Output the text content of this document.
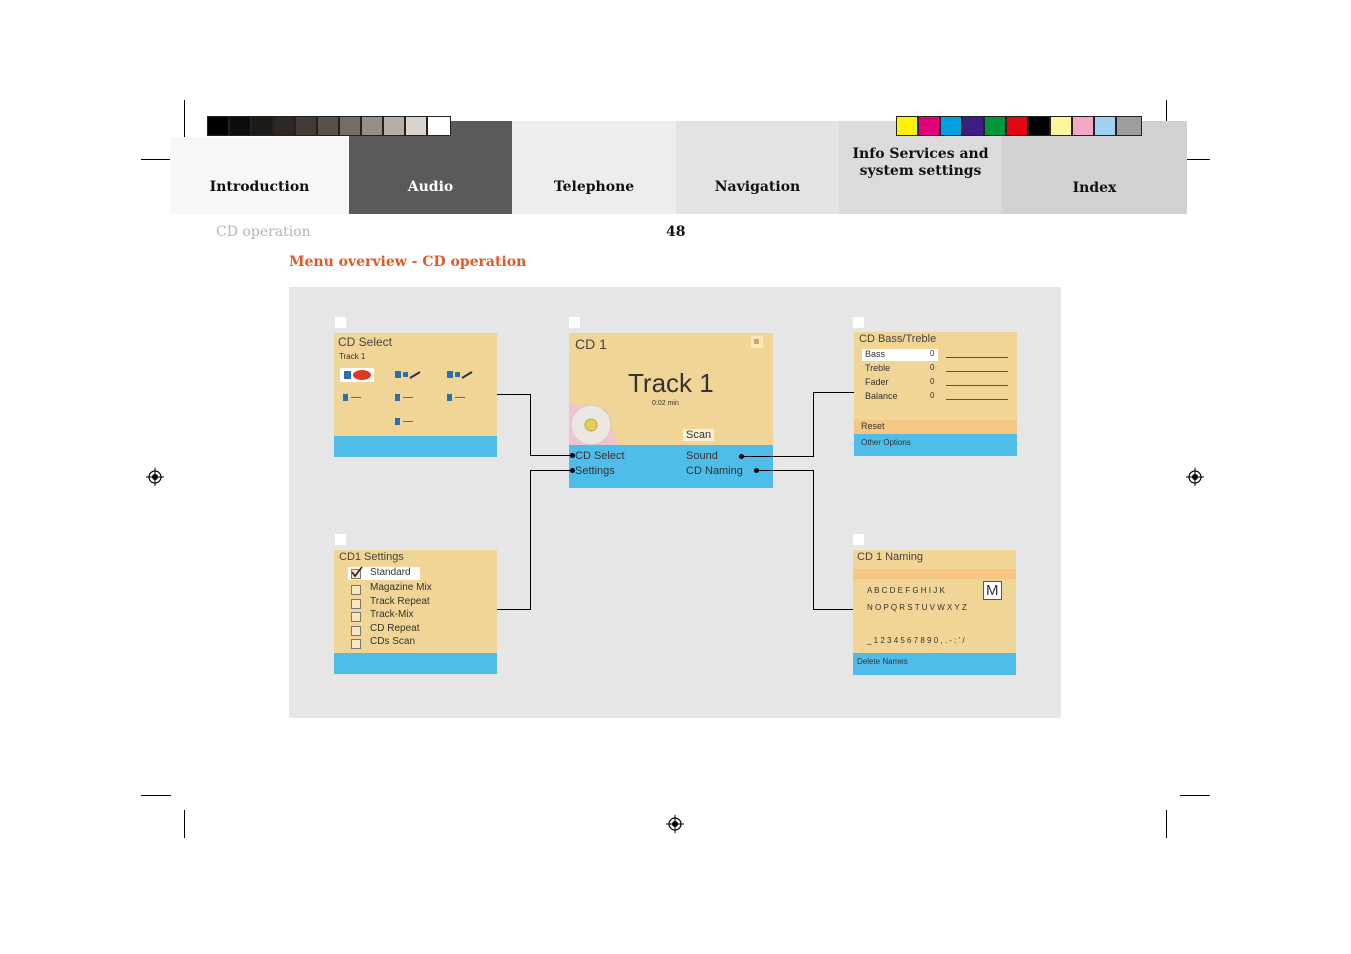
Introduction	Audio	Telephone	Navigation
Info Services and
system settings
Index
CD operation	48
Menu overview - CD operation
CD Select
Track 1
—	—	—
—
CD 1
Track 1
0:02 min
Scan
CD Select
Settings
Sound
CD Naming
CD Bass/Treble
Bass	0
Treble	0
Fader	0
Balance	0
Reset
Other Options
CD1 Settings
Standard
Magazine Mix
Track Repeat
Track-Mix
CD Repeat
CDs Scan
CD 1 Naming
A B C D E F G H I J K	M
N O P Q R S T U V W X Y Z
_ 1 2 3 4 5 6 7 8 9 0 , . - : ' /
Delete Names
